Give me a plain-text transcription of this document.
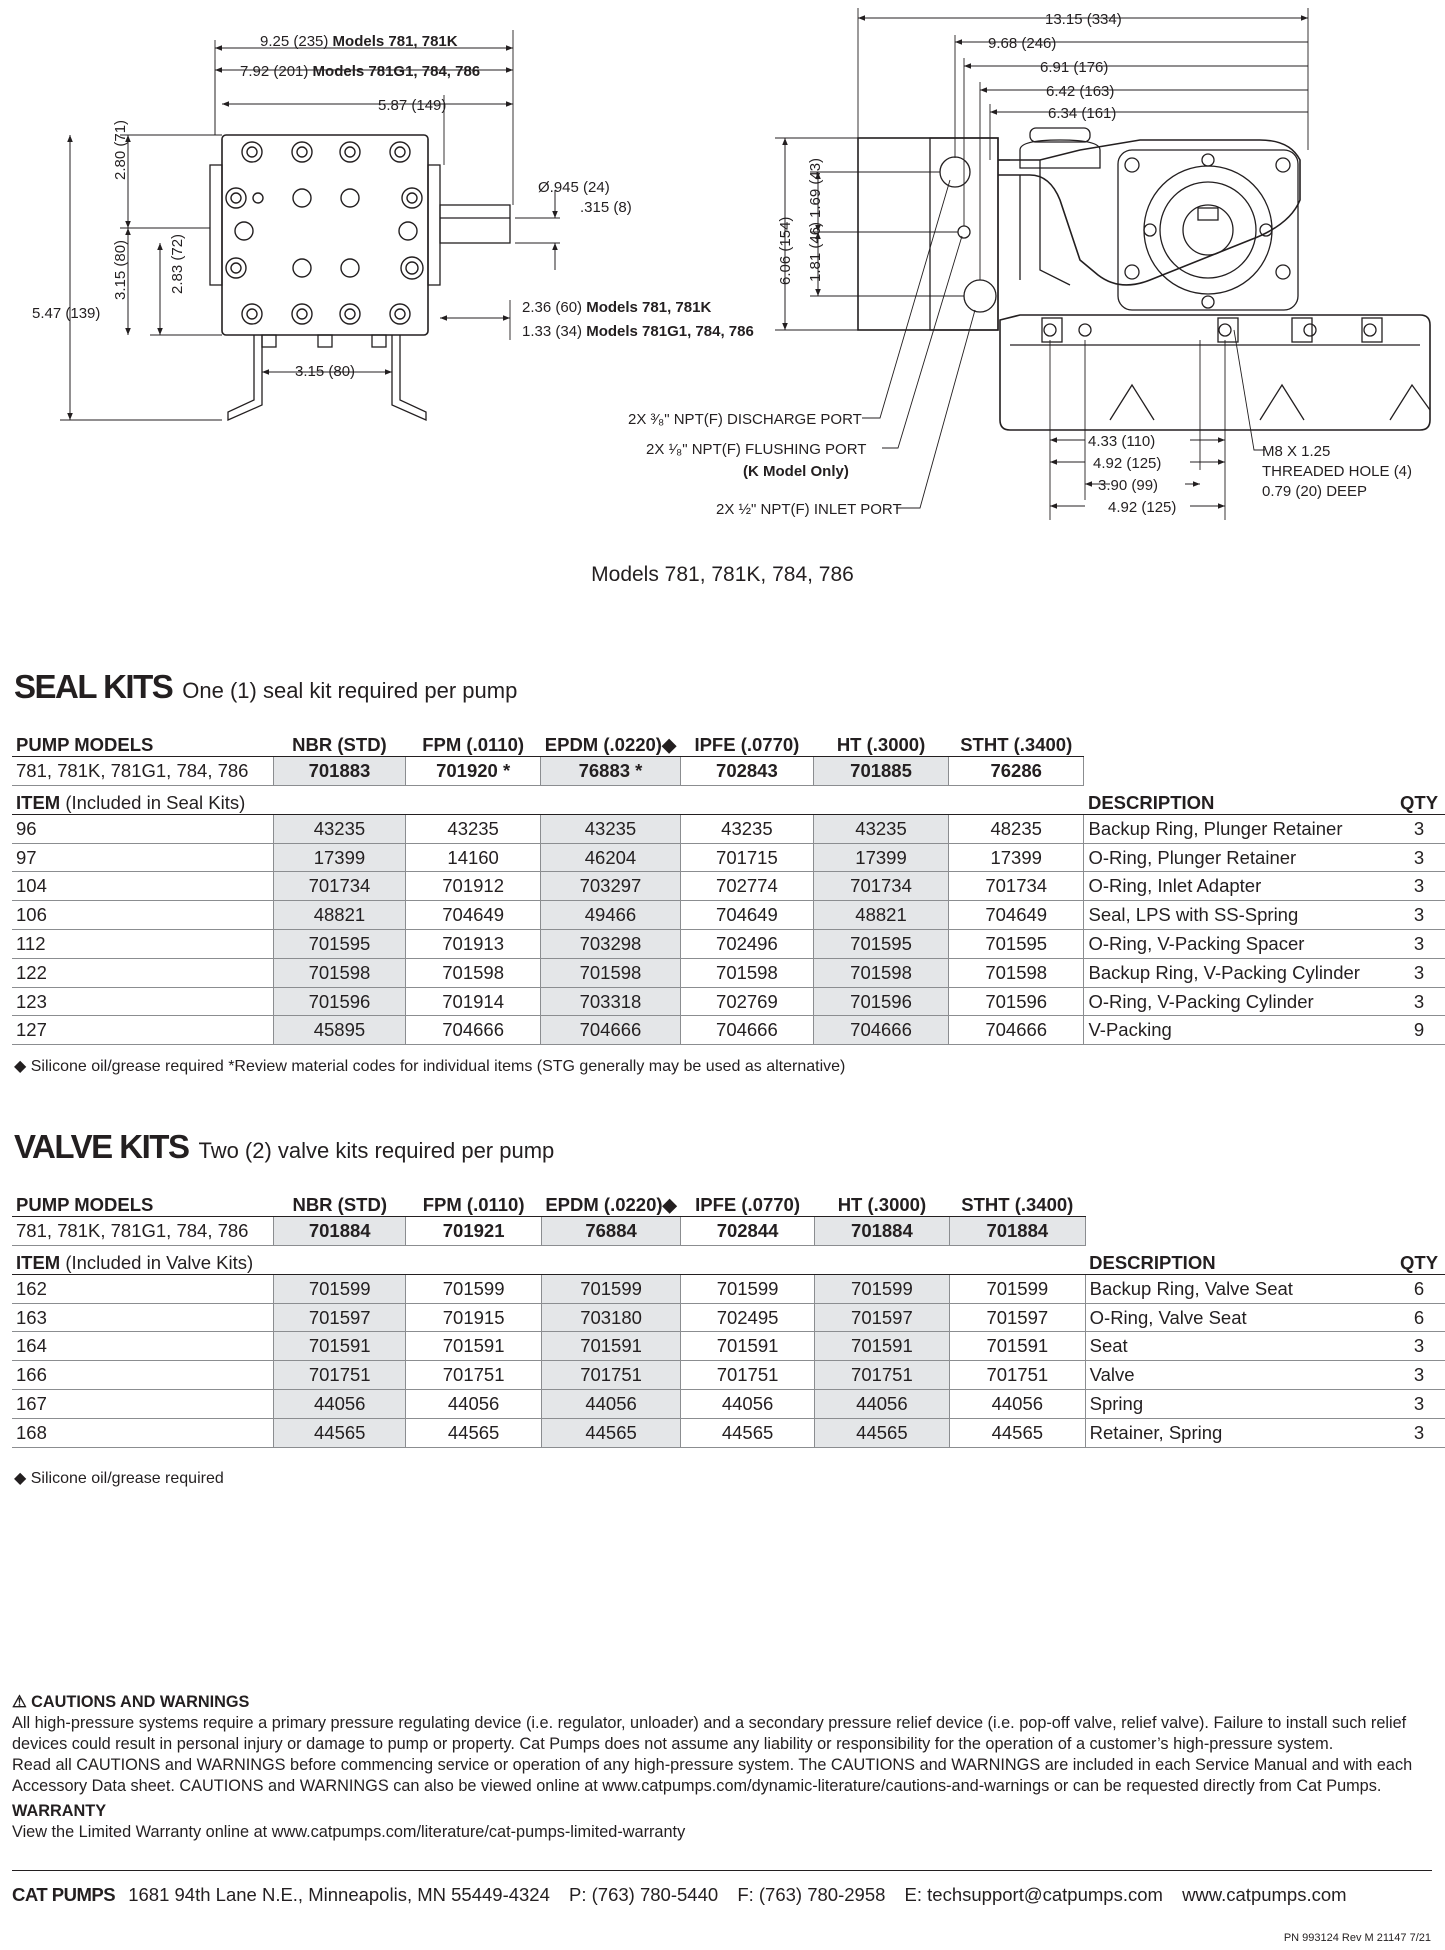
9.25 (235) Models 781, 781K
7.92 (201) Models 781G1, 784, 786
5.87 (149)
2.80 (71)
3.15 (80)	2.83 (72)
5.47 (139)
Ø.945 (24)
.315 (8)
2.36 (60) Models 781, 781K
1.33 (34) Models 781G1, 784, 786
3.15 (80)
13.15 (334)
9.68 (246)
6.91 (176)
6.42 (163)
6.34 (161)
6.06 (154)
1.69 (43)
1.81 (46)
2X ³⁄₈" NPT(F) DISCHARGE PORT
2X ¹⁄₈" NPT(F) FLUSHING PORT
(K Model Only)
2X ½" NPT(F) INLET PORT
4.33 (110)
4.92 (125)
3.90 (99)
4.92 (125)
M8 X 1.25
THREADED HOLE (4)
0.79 (20) DEEP
Models 781, 781K, 784, 786
SEAL KITS One (1) seal kit required per pump
PUMP MODELS	NBR (STD)	FPM (.0110)	EPDM (.0220)◆	IPFE (.0770)	HT (.3000)	STHT (.3400)		
781, 781K, 781G1, 784, 786	701883	701920 *	76883 *	702843	701885	76286		
ITEM (Included in Seal Kits)							DESCRIPTION	QTY
96	43235	43235	43235	43235	43235	48235	Backup Ring, Plunger Retainer	3
97	17399	14160	46204	701715	17399	17399	O-Ring, Plunger Retainer	3
104	701734	701912	703297	702774	701734	701734	O-Ring, Inlet Adapter	3
106	48821	704649	49466	704649	48821	704649	Seal, LPS with SS-Spring	3
112	701595	701913	703298	702496	701595	701595	O-Ring, V-Packing Spacer	3
122	701598	701598	701598	701598	701598	701598	Backup Ring, V-Packing Cylinder	3
123	701596	701914	703318	702769	701596	701596	O-Ring, V-Packing Cylinder	3
127	45895	704666	704666	704666	704666	704666	V-Packing	9
◆ Silicone oil/grease required *Review material codes for individual items (STG generally may be used as alternative)
VALVE KITS Two (2) valve kits required per pump
PUMP MODELS	NBR (STD)	FPM (.0110)	EPDM (.0220)◆	IPFE (.0770)	HT (.3000)	STHT (.3400)		
781, 781K, 781G1, 784, 786	701884	701921	76884	702844	701884	701884		
ITEM (Included in Valve Kits)							DESCRIPTION	QTY
162	701599	701599	701599	701599	701599	701599	Backup Ring, Valve Seat	6
163	701597	701915	703180	702495	701597	701597	O-Ring, Valve Seat	6
164	701591	701591	701591	701591	701591	701591	Seat	3
166	701751	701751	701751	701751	701751	701751	Valve	3
167	44056	44056	44056	44056	44056	44056	Spring	3
168	44565	44565	44565	44565	44565	44565	Retainer, Spring	3
◆ Silicone oil/grease required
⚠ CAUTIONS AND WARNINGS
All high-pressure systems require a primary pressure regulating device (i.e. regulator, unloader) and a secondary pressure relief device (i.e. pop-off valve, relief valve). Failure to install such relief devices could result in personal injury or damage to pump or property. Cat Pumps does not assume any liability or responsibility for the operation of a customer’s high-pressure system.
Read all CAUTIONS and WARNINGS before commencing service or operation of any high-pressure system. The CAUTIONS and WARNINGS are included in each Service Manual and with each Accessory Data sheet. CAUTIONS and WARNINGS can also be viewed online at www.catpumps.com/dynamic-literature/cautions-and-warnings or can be requested directly from Cat Pumps.
WARRANTY
View the Limited Warranty online at www.catpumps.com/literature/cat-pumps-limited-warranty
CAT PUMPS 1681 94th Lane N.E., Minneapolis, MN 55449-4324 P: (763) 780-5440 F: (763) 780-2958 E: techsupport@catpumps.com www.catpumps.com
PN 993124 Rev M 21147 7/21
